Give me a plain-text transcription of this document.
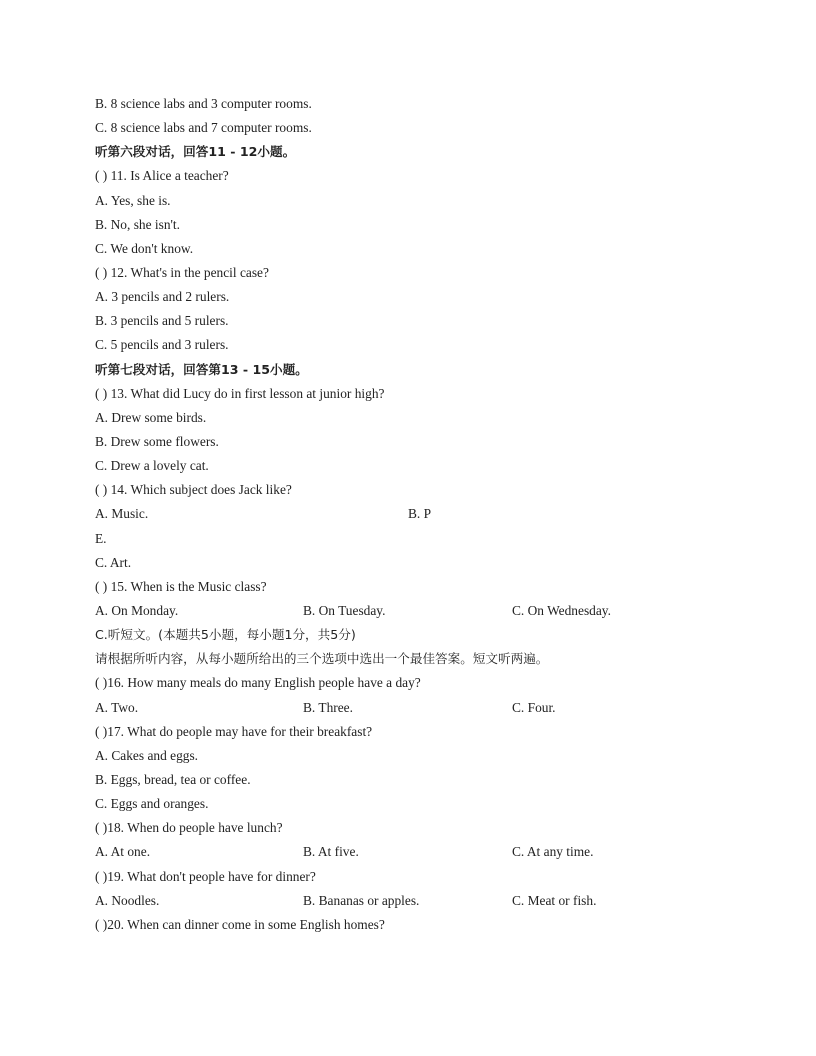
B. 8 science labs and 3 computer rooms.
C. 8 science labs and 7 computer rooms.
听第六段对话，回答11 - 12小题。
( ) 11. Is Alice a teacher?
A. Yes, she is.
B. No, she isn't.
C. We don't know.
( ) 12. What's in the pencil case?
A. 3 pencils and 2 rulers.
B. 3 pencils and 5 rulers.
C. 5 pencils and 3 rulers.
听第七段对话，回答第13 - 15小题。
( ) 13. What did Lucy do in first lesson at junior high?
A. Drew some birds.
B. Drew some flowers.
C. Drew a lovely cat.
( ) 14. Which subject does Jack like?
A. Music.	B. P
E.
C. Art.
( ) 15. When is the Music class?
A. On Monday.	B. On Tuesday.	C. On Wednesday.
C.听短文。(本题共5小题，每小题1分，共5分)
请根据所听内容，从每小题所给出的三个选项中选出一个最佳答案。短文听两遍。
( )16. How many meals do many English people have a day?
A. Two.	B. Three.	C. Four.
( )17. What do people may have for their breakfast?
A. Cakes and eggs.
B. Eggs, bread, tea or coffee.
C. Eggs and oranges.
( )18. When do people have lunch?
A. At one.	B. At five.	C. At any time.
( )19. What don't people have for dinner?
A. Noodles.	B. Bananas or apples.	C. Meat or fish.
( )20. When can dinner come in some English homes?
